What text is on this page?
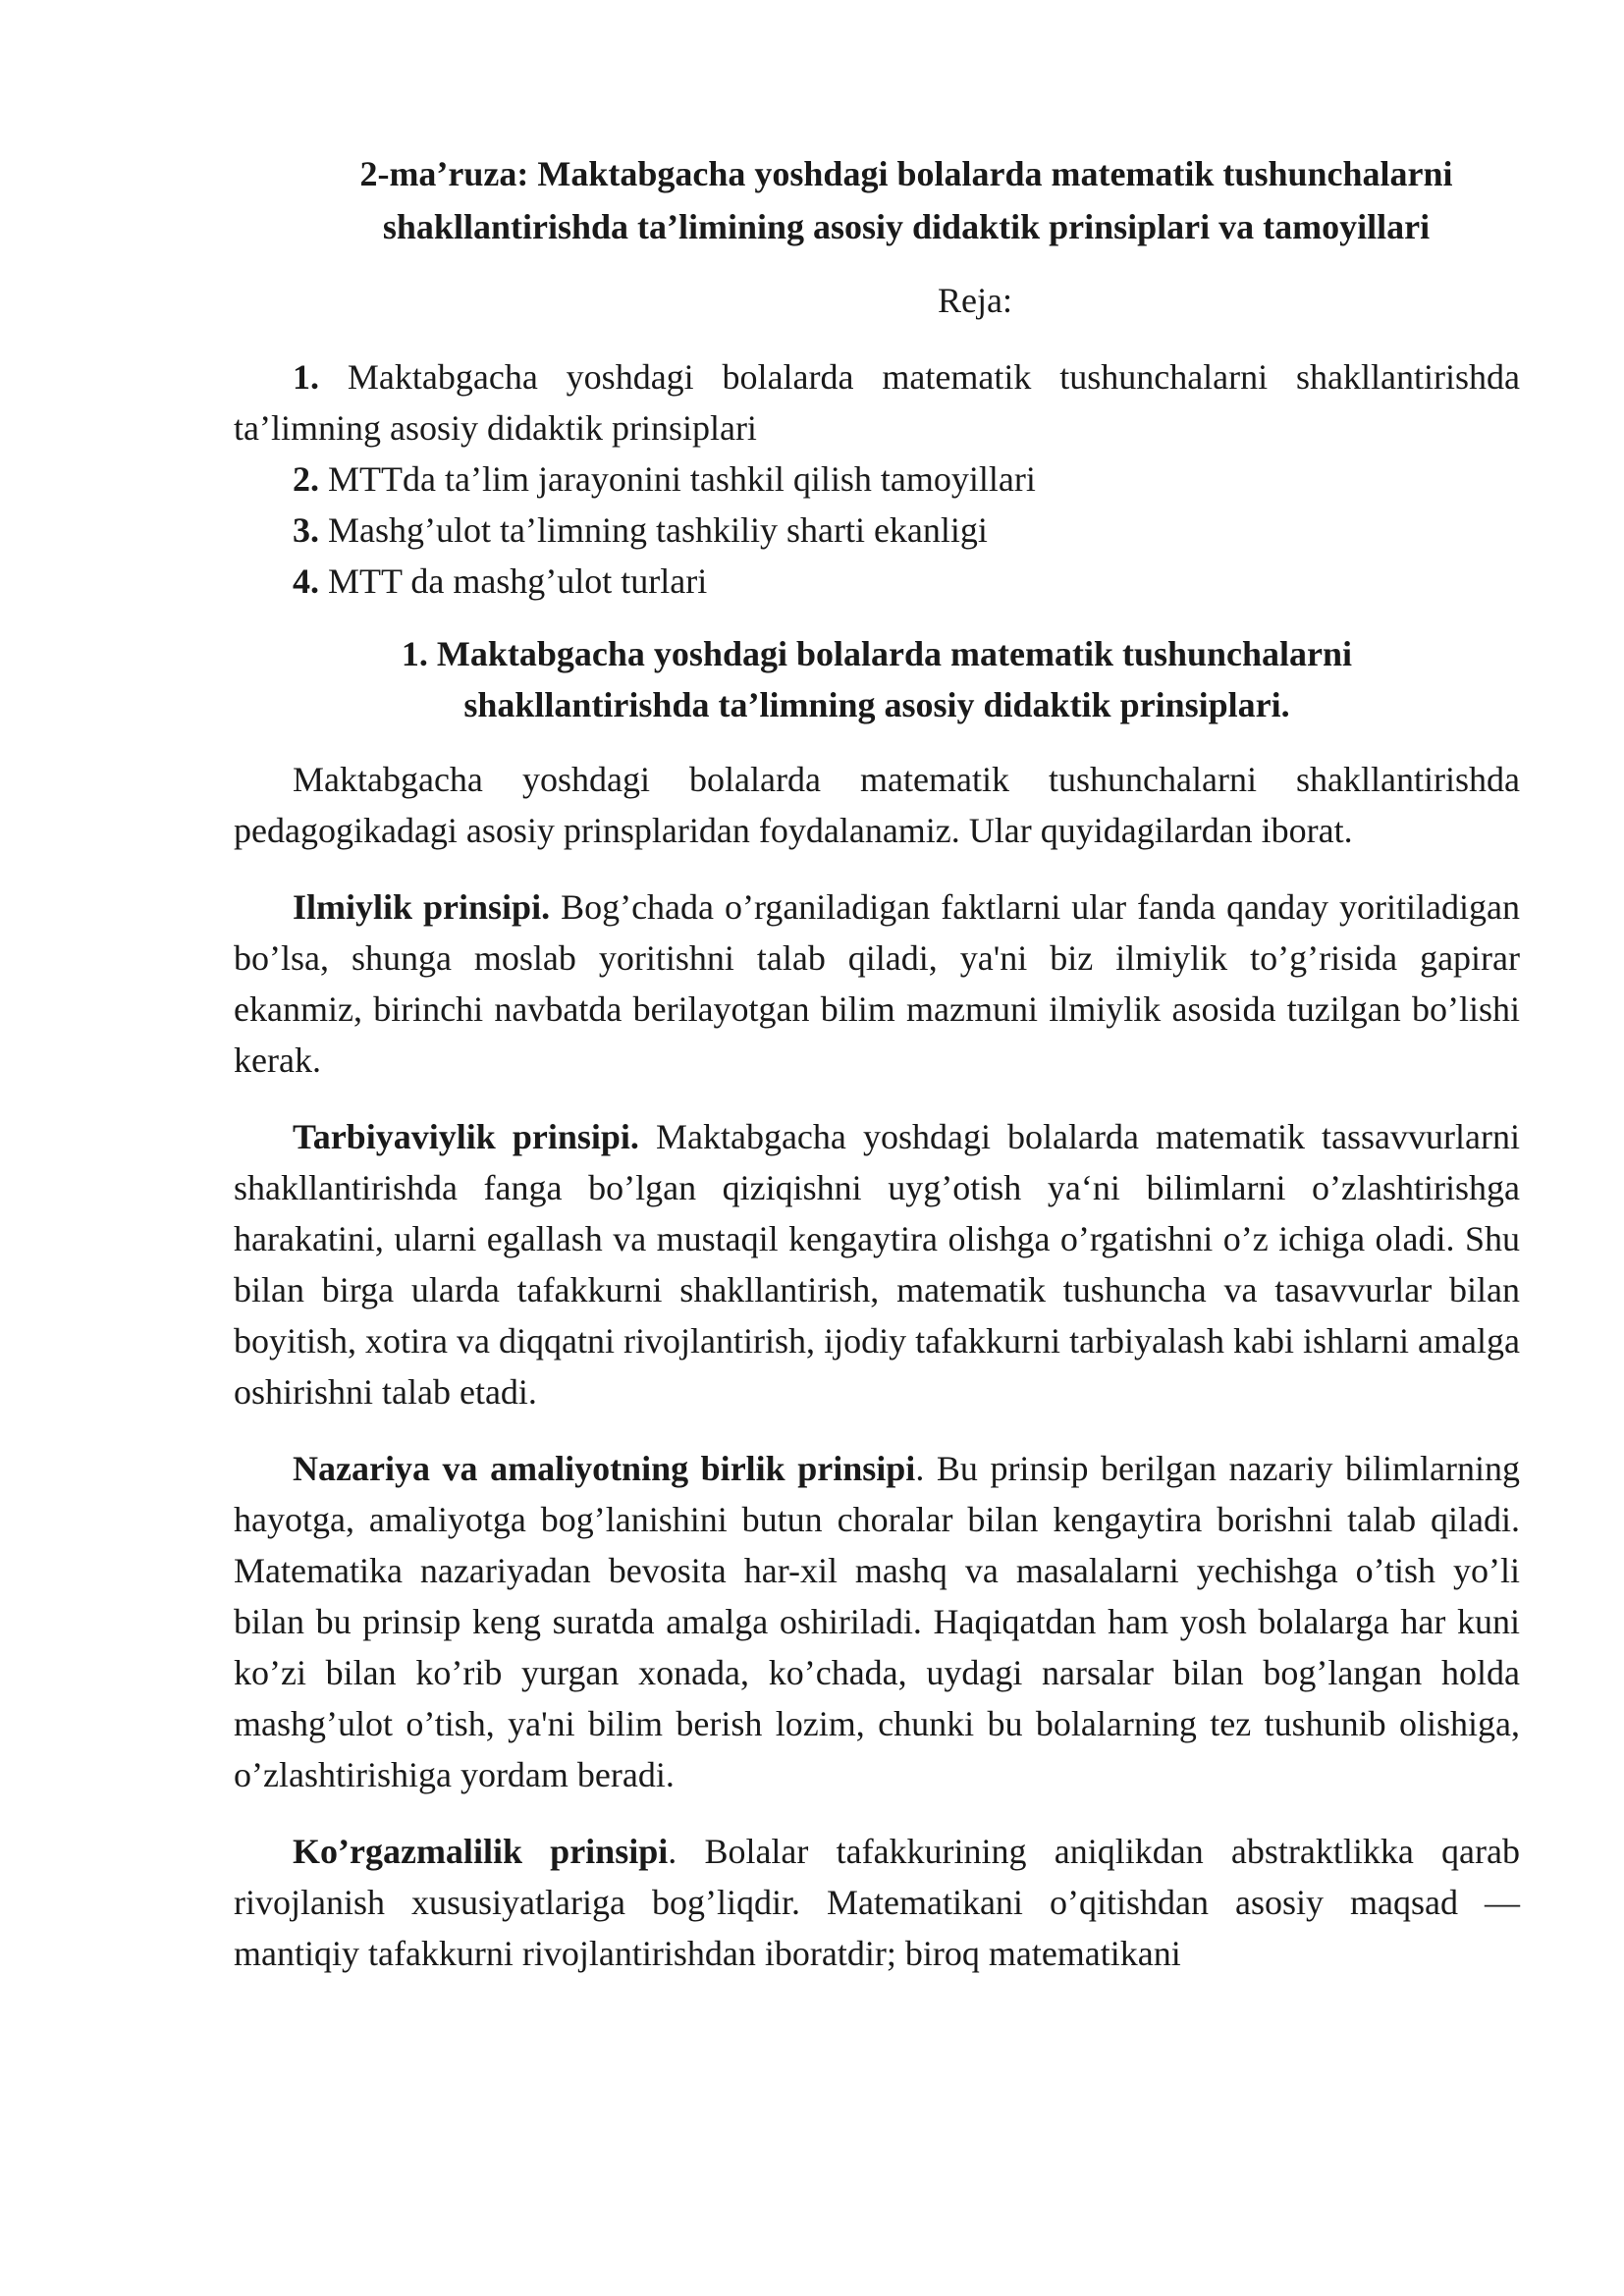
2-ma’ruza: Maktabgacha yoshdagi bolalarda matematik tushunchalarni shakllantirishda ta’limining asosiy didaktik prinsiplari va tamoyillari
Reja:

1. Maktabgacha yoshdagi bolalarda matematik tushunchalarni shakllantirishda ta’limning asosiy didaktik prinsiplari

2. MTTda ta’lim jarayonini tashkil qilish tamoyillari

3. Mashg’ulot ta’limning tashkiliy sharti ekanligi

4. MTT da mashg’ulot turlari

1. Maktabgacha yoshdagi bolalarda matematik tushunchalarni shakllantirishda ta’limning asosiy didaktik prinsiplari.

Maktabgacha yoshdagi bolalarda matematik tushunchalarni shakllantirishda pedagogikadagi asosiy prinsplaridan foydalanamiz. Ular quyidagilardan iborat.

Ilmiylik prinsipi. Bog’chada o’rganiladigan faktlarni ular fanda qanday yoritiladigan bo’lsa, shunga moslab yoritishni talab qiladi, ya'ni biz ilmiylik to’g’risida gapirar ekanmiz, birinchi navbatda berilayotgan bilim mazmuni ilmiylik asosida tuzilgan bo’lishi kerak.

Tarbiyaviylik prinsipi. Maktabgacha yoshdagi bolalarda matematik tassavvurlarni shakllantirishda fanga bo’lgan qiziqishni uyg’otish ya‘ni bilimlarni o’zlashtirishga harakatini, ularni egallash va mustaqil kengaytira olishga o’rgatishni o’z ichiga oladi. Shu bilan birga ularda tafakkurni shakllantirish, matematik tushuncha va tasavvurlar bilan boyitish, xotira va diqqatni rivojlantirish, ijodiy tafakkurni tarbiyalash kabi ishlarni amalga oshirishni talab etadi.

Nazariya va amaliyotning birlik prinsipi. Bu prinsip berilgan nazariy bilimlarning hayotga, amaliyotga bog’lanishini butun choralar bilan kengaytira borishni talab qiladi. Matematika nazariyadan bevosita har-xil mashq va masalalarni yechishga o’tish yo’li bilan bu prinsip keng suratda amalga oshiriladi. Haqiqatdan ham yosh bolalarga har kuni ko’zi bilan ko’rib yurgan xonada, ko’chada, uydagi narsalar bilan bog’langan holda mashg’ulot o’tish, ya'ni bilim berish lozim, chunki bu bolalarning tez tushunib olishiga, o’zlashtirishiga yordam beradi.

Ko’rgazmalilik prinsipi. Bolalar tafakkurining aniqlikdan abstraktlikka qarab rivojlanish xususiyatlariga bog’liqdir. Matematikani o’qitishdan asosiy maqsad — mantiqiy tafakkurni rivojlantirishdan iboratdir; biroq matematikani
